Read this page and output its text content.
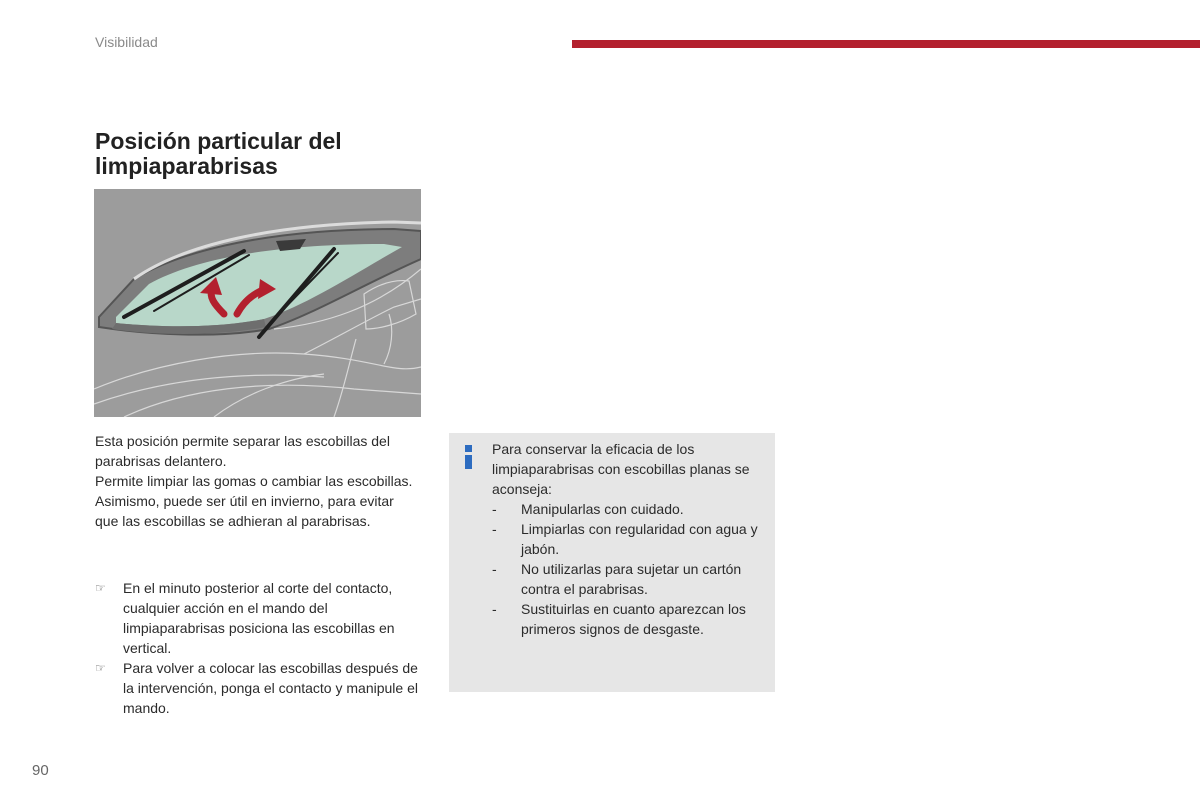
Visibilidad
Posición particular del limpiaparabrisas
Esta posición permite separar las escobillas del parabrisas delantero.
Permite limpiar las gomas o cambiar las escobillas. Asimismo, puede ser útil en invierno, para evitar que las escobillas se adhieran al parabrisas.
☞	En el minuto posterior al corte del contacto, cualquier acción en el mando del limpiaparabrisas posiciona las escobillas en vertical.
☞	Para volver a colocar las escobillas después de la intervención, ponga el contacto y manipule el mando.

Para conservar la eficacia de los limpiaparabrisas con escobillas planas se aconseja:

- Manipularlas con cuidado.
- Limpiarlas con regularidad con agua y jabón.
- No utilizarlas para sujetar un cartón contra el parabrisas.
- Sustituirlas en cuanto aparezcan los primeros signos de desgaste.
90
